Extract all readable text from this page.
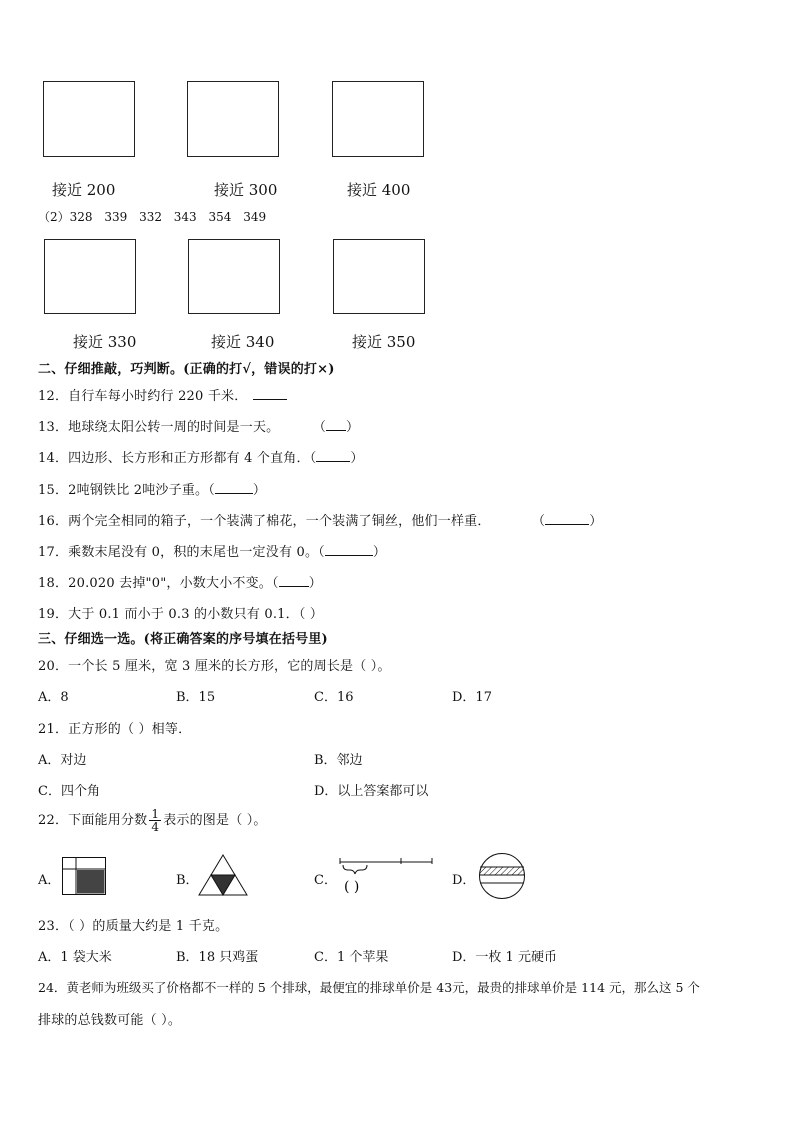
接近 200	接近 300	接近 400
（2）328 339 332 343 354 349
接近 330	接近 340	接近 350
二、仔细推敲，巧判断。(正确的打√，错误的打×)
12．自行车每小时约行 220 千米．
13．地球绕太阳公转一周的时间是一天。	（ ）
14．四边形、长方形和正方形都有 4 个直角．（	）
15．2吨钢铁比 2吨沙子重。（	）
16．两个完全相同的箱子，一个装满了棉花，一个装满了铜丝，他们一样重．	（	）
17．乘数末尾没有 0，积的末尾也一定没有 0。（	）
18．20.020 去掉"0"，小数大小不变。（ ）
19．大于 0.1 而小于 0.3 的小数只有 0.1．（ ）
三、仔细选一选。(将正确答案的序号填在括号里)
20．一个长 5 厘米，宽 3 厘米的长方形，它的周长是（ ）。
A．8	B．15	C．16	D．17
21．正方形的（ ）相等．
A．对边	B．邻边
C．四个角	D．以上答案都可以
22．下面能用分数 $\frac{1}{4}$ 表示的图是（ ）。
A．	B．	C． ( )	D．
23．（ ）的质量大约是 1 千克。
A．1 袋大米	B．18 只鸡蛋	C．1 个苹果	D．一枚 1 元硬币
24．黄老师为班级买了价格都不一样的 5 个排球，最便宜的排球单价是 43元，最贵的排球单价是 114 元，那么这 5 个
排球的总钱数可能（ ）。
